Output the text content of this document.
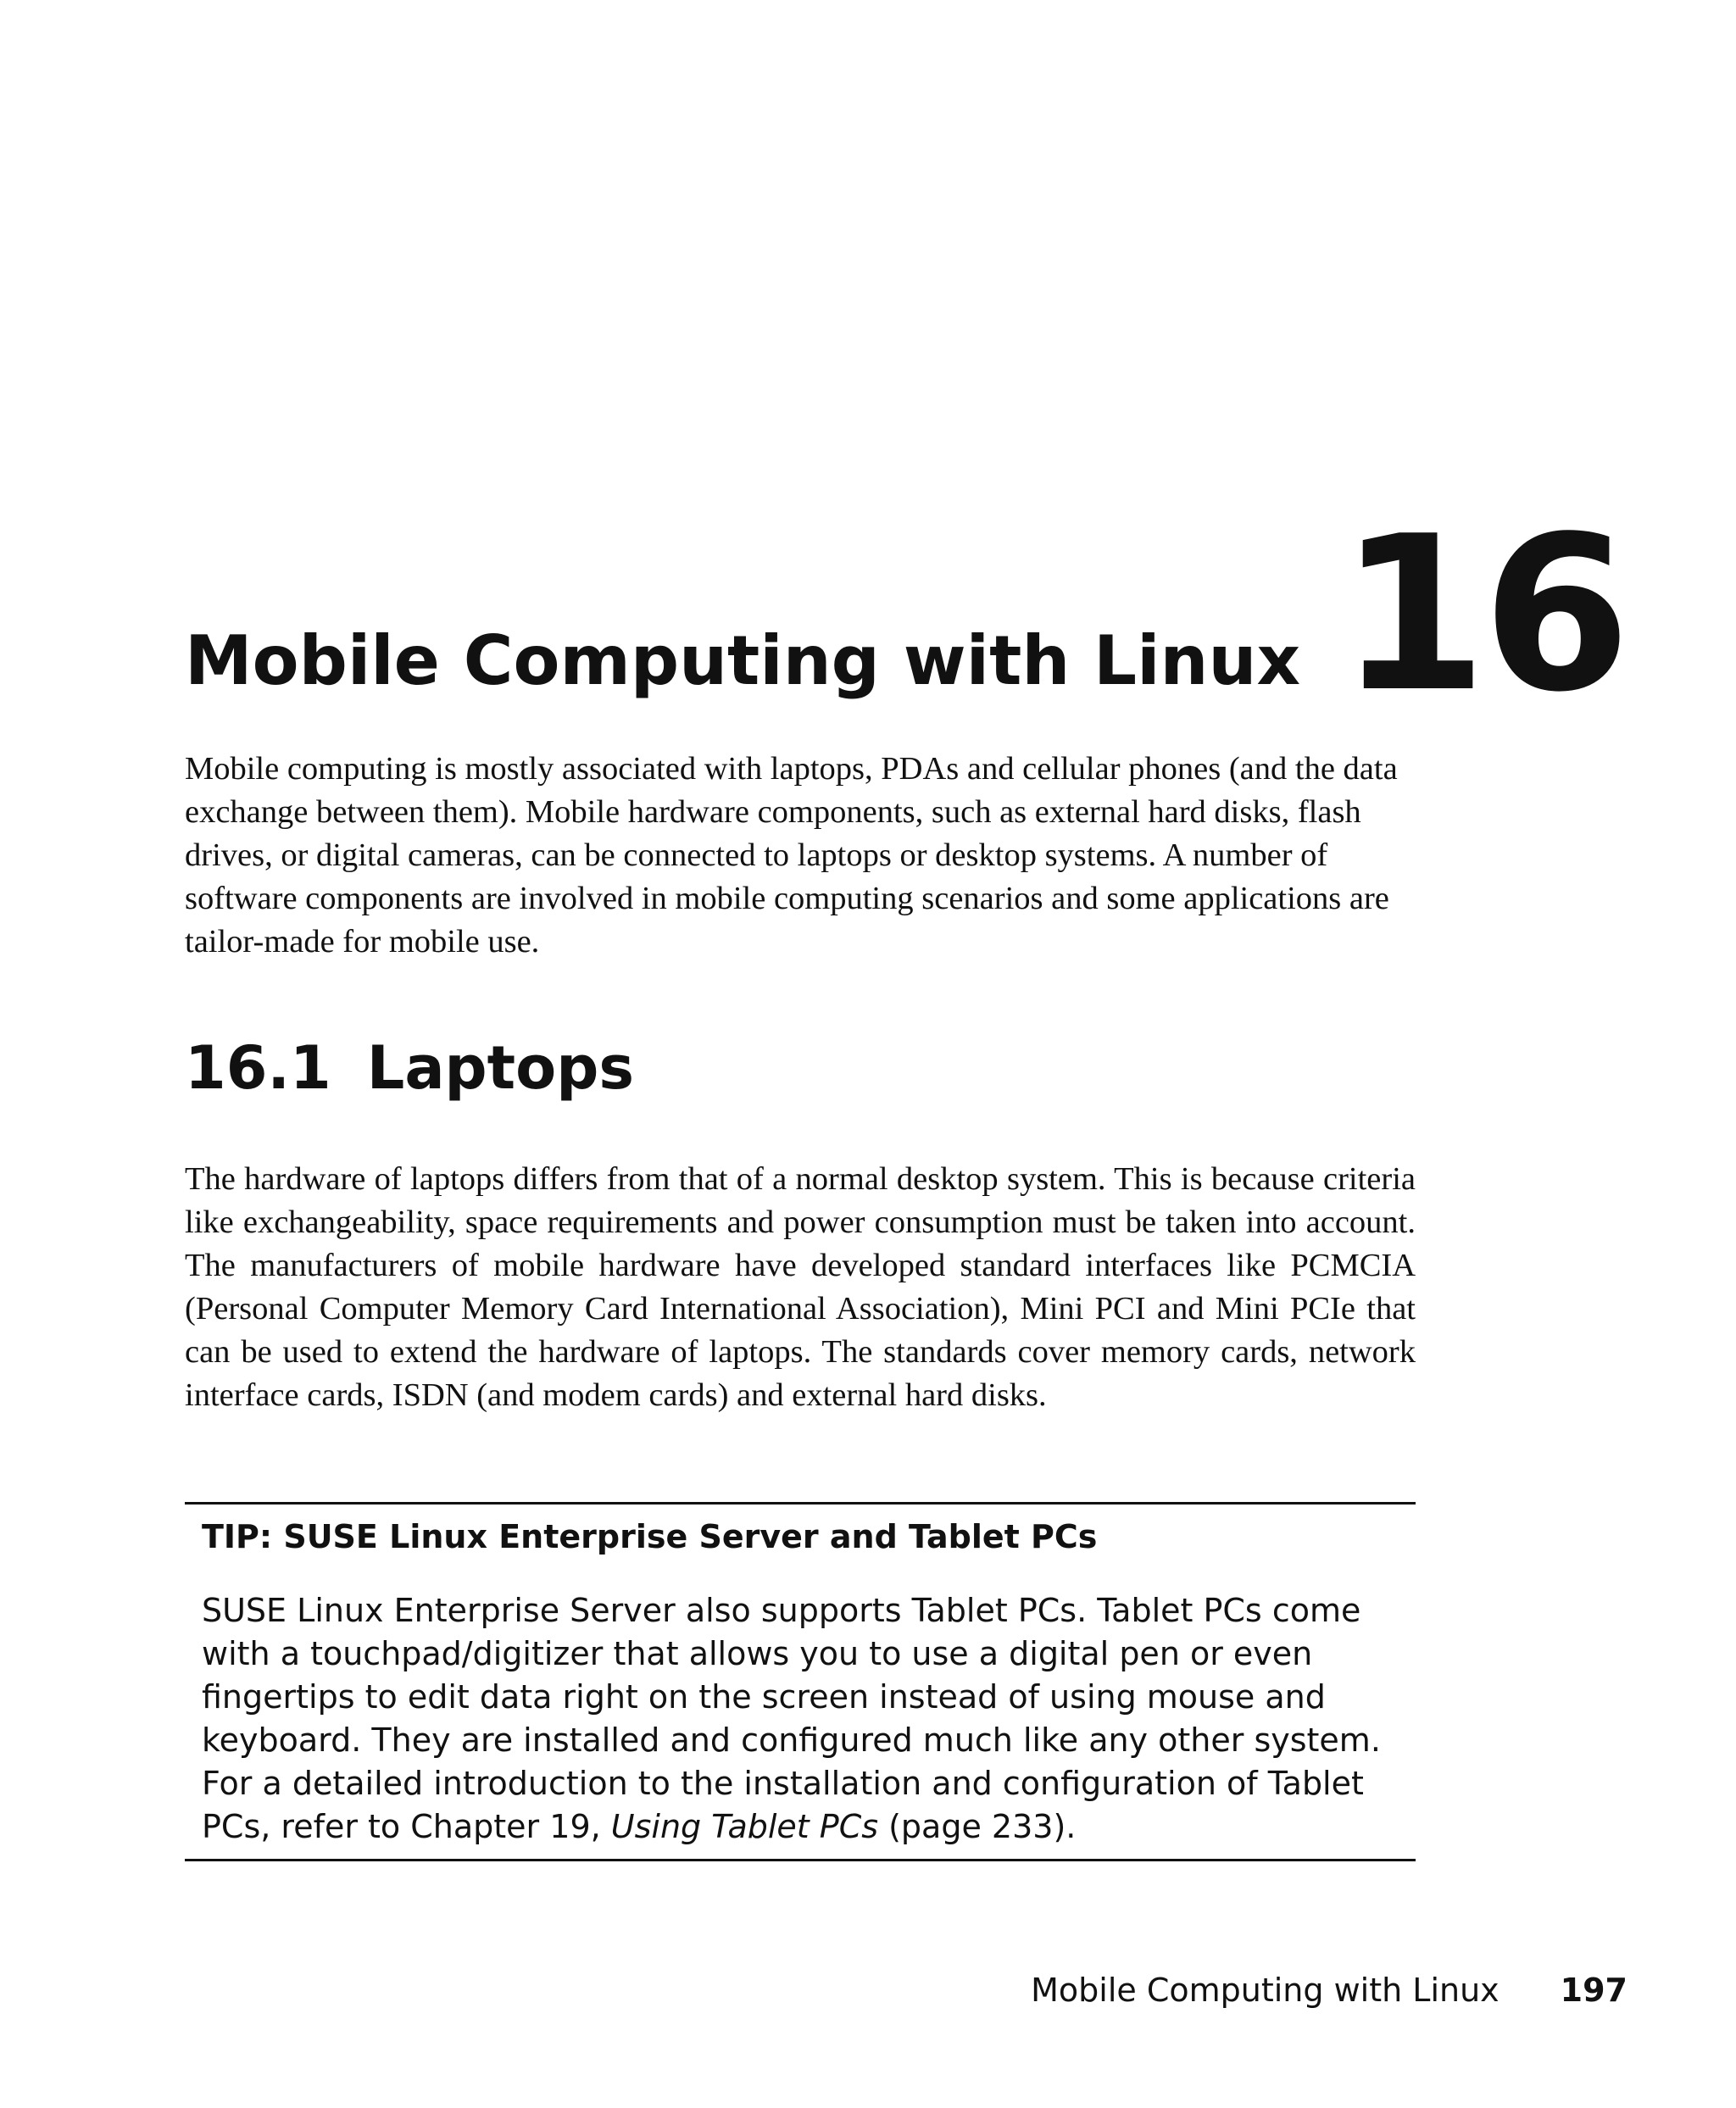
16
Mobile Computing with Linux

Mobile computing is mostly associated with laptops, PDAs and cellular phones (and the data exchange between them). Mobile hardware components, such as external hard disks, flash drives, or digital cameras, can be connected to laptops or desktop systems. A number of software components are involved in mobile computing scenarios and some applications are tailor-made for mobile use.

16.1 Laptops

The hardware of laptops differs from that of a normal desktop system. This is because criteria like exchangeability, space requirements and power consumption must be taken into account. The manufacturers of mobile hardware have developed standard interfaces like PCMCIA (Personal Computer Memory Card International Association), Mini PCI and Mini PCIe that can be used to extend the hardware of laptops. The standards cover memory cards, network interface cards, ISDN (and modem cards) and external hard disks.

TIP: SUSE Linux Enterprise Server and Tablet PCs

SUSE Linux Enterprise Server also supports Tablet PCs. Tablet PCs come with a touchpad/digitizer that allows you to use a digital pen or even fingertips to edit data right on the screen instead of using mouse and keyboard. They are installed and configured much like any other system. For a detailed introduction to the installation and configuration of Tablet PCs, refer to Chapter 19, Using Tablet PCs (page 233).

Mobile Computing with Linux 197
